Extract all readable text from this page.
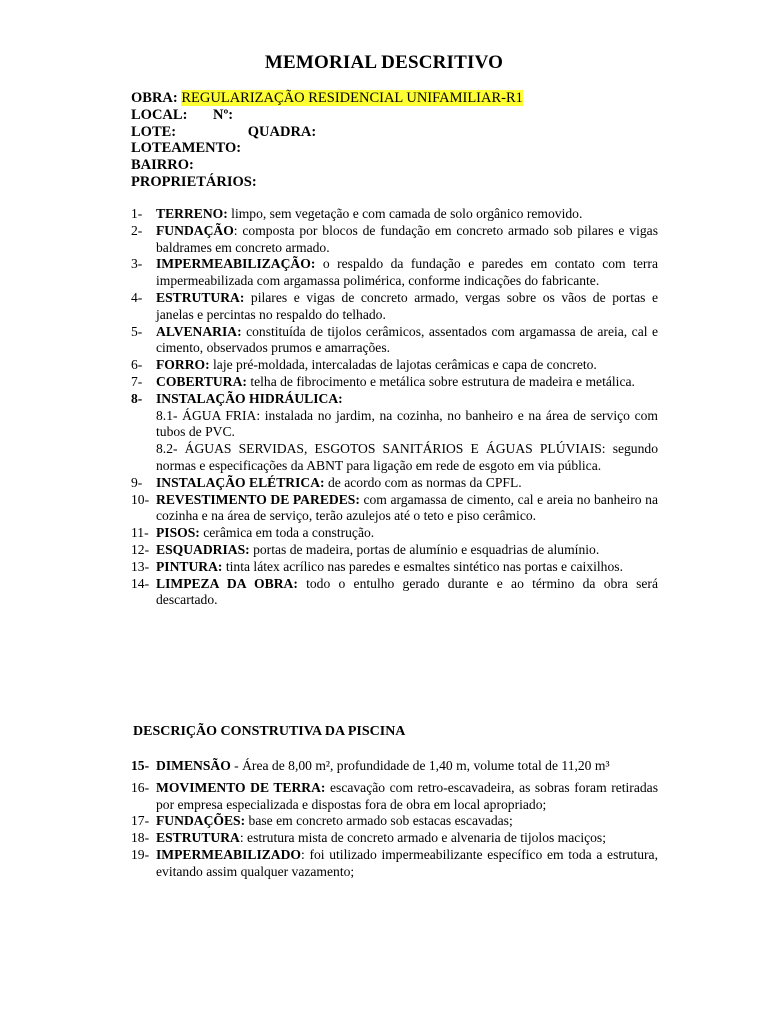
MEMORIAL DESCRITIVO
OBRA: REGULARIZAÇÃO RESIDENCIAL UNIFAMILIAR-R1
LOCAL: Nº:
LOTE:	QUADRA:
LOTEAMENTO:
BAIRRO:
PROPRIETÁRIOS:
1- TERRENO: limpo, sem vegetação e com camada de solo orgânico removido.
2- FUNDAÇÃO: composta por blocos de fundação em concreto armado sob pilares e vigas baldrames em concreto armado.
3- IMPERMEABILIZAÇÃO: o respaldo da fundação e paredes em contato com terra impermeabilizada com argamassa polimérica, conforme indicações do fabricante.
4- ESTRUTURA: pilares e vigas de concreto armado, vergas sobre os vãos de portas e janelas e percintas no respaldo do telhado.
5- ALVENARIA: constituída de tijolos cerâmicos, assentados com argamassa de areia, cal e cimento, observados prumos e amarrações.
6- FORRO: laje pré-moldada, intercaladas de lajotas cerâmicas e capa de concreto.
7- COBERTURA: telha de fibrocimento e metálica sobre estrutura de madeira e metálica.
8- INSTALAÇÃO HIDRÁULICA:
8.1- ÁGUA FRIA: instalada no jardim, na cozinha, no banheiro e na área de serviço com tubos de PVC.
8.2- ÁGUAS SERVIDAS, ESGOTOS SANITÁRIOS E ÁGUAS PLÚVIAIS: segundo normas e especificações da ABNT para ligação em rede de esgoto em via pública.
9- INSTALAÇÃO ELÉTRICA: de acordo com as normas da CPFL.
10- REVESTIMENTO DE PAREDES: com argamassa de cimento, cal e areia no banheiro na cozinha e na área de serviço, terão azulejos até o teto e piso cerâmico.
11- PISOS: cerâmica em toda a construção.
12- ESQUADRIAS: portas de madeira, portas de alumínio e esquadrias de alumínio.
13- PINTURA: tinta látex acrílico nas paredes e esmaltes sintético nas portas e caixilhos.
14- LIMPEZA DA OBRA: todo o entulho gerado durante e ao término da obra será descartado.
DESCRIÇÃO CONSTRUTIVA DA PISCINA
15- DIMENSÃO - Área de 8,00 m², profundidade de 1,40 m, volume total de 11,20 m³
16- MOVIMENTO DE TERRA: escavação com retro-escavadeira, as sobras foram retiradas por empresa especializada e dispostas fora de obra em local apropriado;
17- FUNDAÇÕES: base em concreto armado sob estacas escavadas;
18- ESTRUTURA: estrutura mista de concreto armado e alvenaria de tijolos maciços;
19- IMPERMEABILIZADO: foi utilizado impermeabilizante específico em toda a estrutura, evitando assim qualquer vazamento;
